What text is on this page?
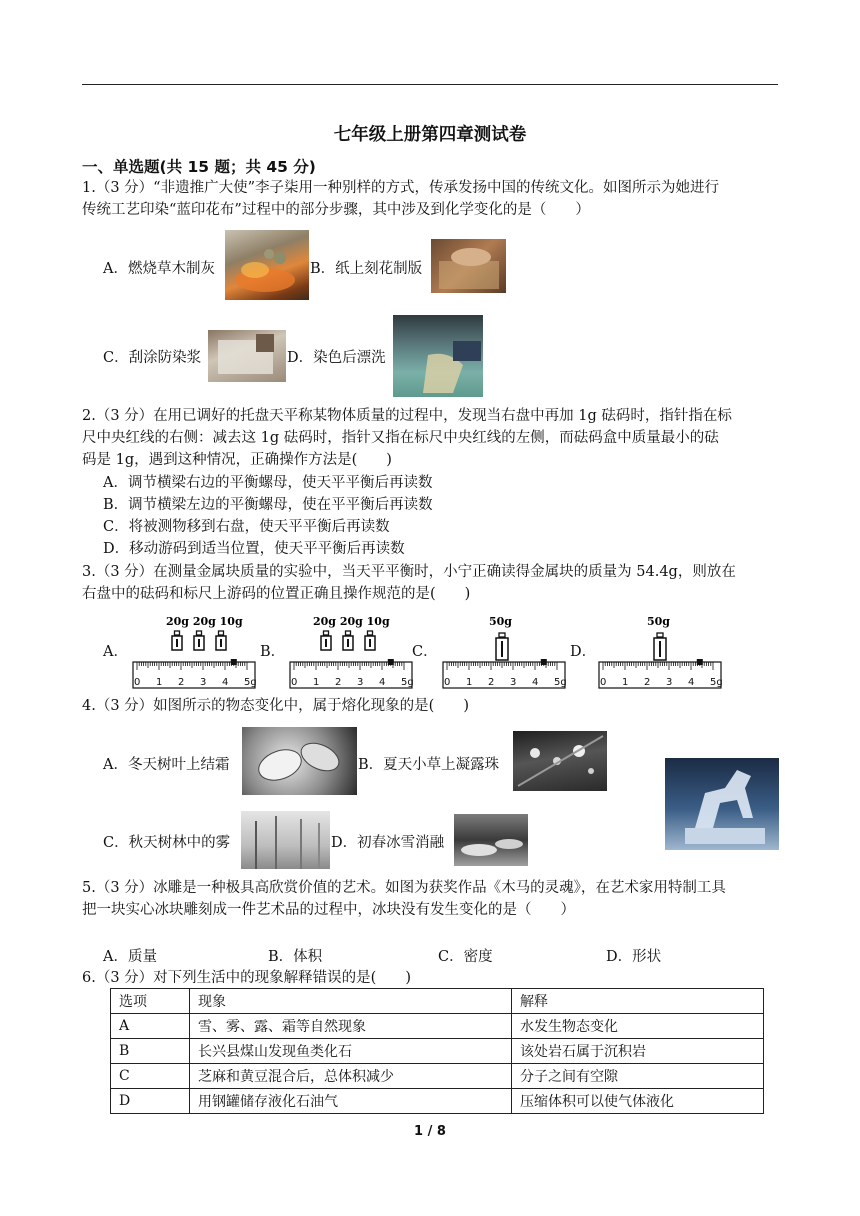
七年级上册第四章测试卷
一、单选题(共 15 题；共 45 分)
1.（3 分）“非遗推广大使”李子柒用一种别样的方式，传承发扬中国的传统文化。如图所示为她进行
传统工艺印染“蓝印花布”过程中的部分步骤，其中涉及到化学变化的是（　　）
A．燃烧草木制灰	B．纸上刻花制版
C．刮涂防染浆	D．染色后漂洗
2.（3 分）在用已调好的托盘天平称某物体质量的过程中，发现当右盘中再加 1g 砝码时，指针指在标
尺中央红线的右侧：减去这 1g 砝码时，指针又指在标尺中央红线的左侧，而砝码盒中质量最小的砝
码是 1g，遇到这种情况，正确操作方法是(　　)
A．调节横梁右边的平衡螺母，使天平平衡后再读数
B．调节横梁左边的平衡螺母，使在平平衡后再读数
C．将被测物移到右盘，使天平平衡后再读数
D．移动游码到适当位置，使天平平衡后再读数
3.（3 分）在测量金属块质量的实验中，当天平平衡时，小宁正确读得金属块的质量为 54.4g，则放在
右盘中的砝码和标尺上游码的位置正确且操作规范的是(　　)
A．
20g 20g 10g
0 1 2 3 4 5g
B．
20g 20g 10g
0 1 2 3 4 5g
C．
50g
0 1 2 3 4 5g
D．
50g
0 1 2 3 4 5g
4.（3 分）如图所示的物态变化中，属于熔化现象的是(　　)
A．冬天树叶上结霜	B．夏天小草上凝露珠
C．秋天树林中的雾	D．初春冰雪消融
5.（3 分）冰雕是一种极具高欣赏价值的艺术。如图为获奖作品《木马的灵魂》，在艺术家用特制工具
把一块实心冰块雕刻成一件艺术品的过程中，冰块没有发生变化的是（　　）
A．质量	B．体积	C．密度	D．形状
6.（3 分）对下列生活中的现象解释错误的是(　　)
选项	现象	解释
A	雪、雾、露、霜等自然现象	水发生物态变化
B	长兴县煤山发现鱼类化石	该处岩石属于沉积岩
C	芝麻和黄豆混合后，总体积减少	分子之间有空隙
D	用钢罐储存液化石油气	压缩体积可以使气体液化
1 / 8
